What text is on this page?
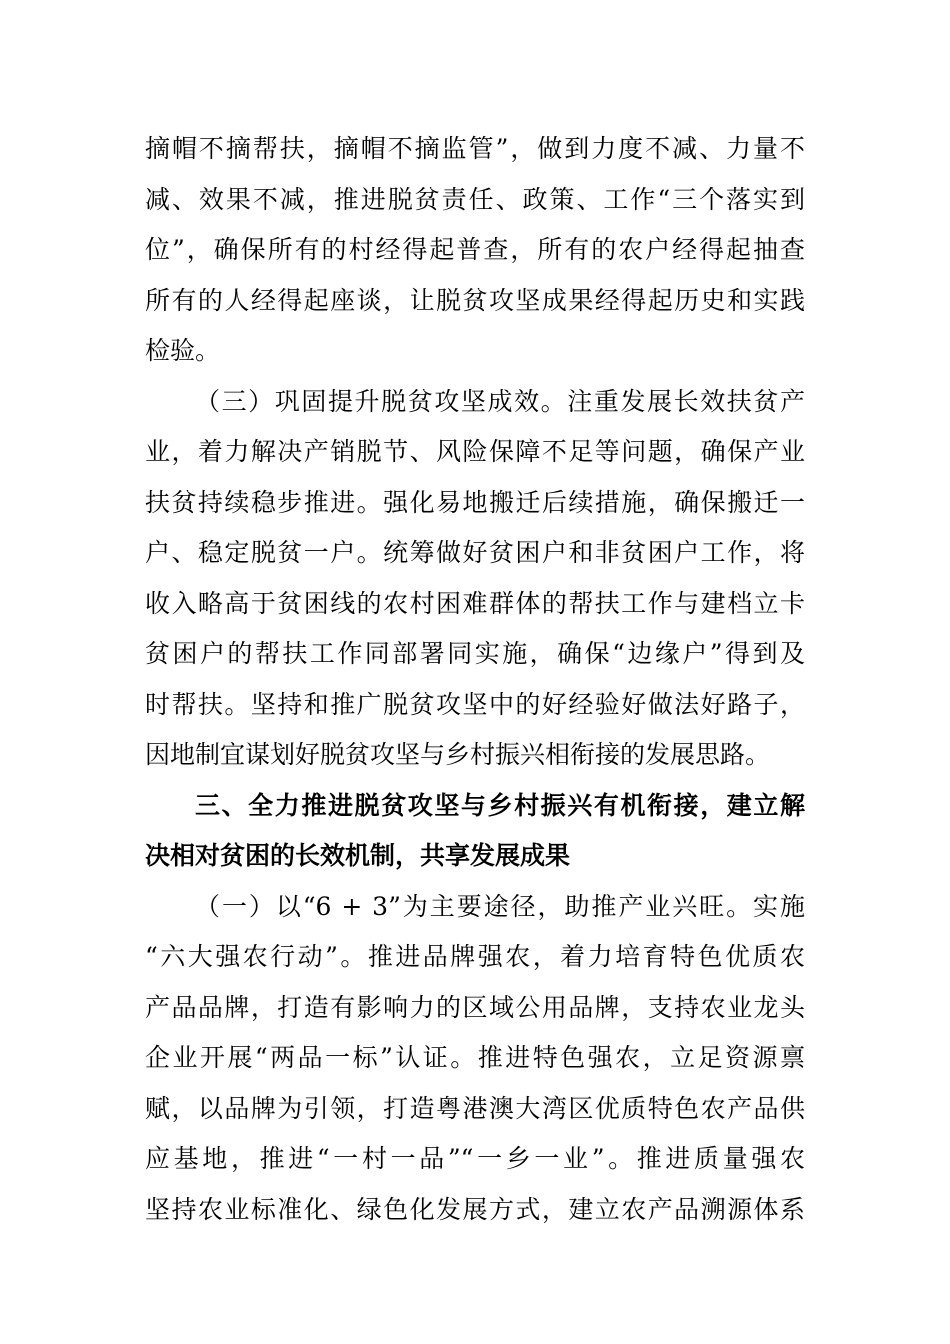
摘帽不摘帮扶，摘帽不摘监管”，做到力度不减、力量不
减、效果不减，推进脱贫责任、政策、工作“三个落实到
位”，确保所有的村经得起普查，所有的农户经得起抽查
所有的人经得起座谈，让脱贫攻坚成果经得起历史和实践
检验。
（三）巩固提升脱贫攻坚成效。注重发展长效扶贫产
业，着力解决产销脱节、风险保障不足等问题，确保产业
扶贫持续稳步推进。强化易地搬迁后续措施，确保搬迁一
户、稳定脱贫一户。统筹做好贫困户和非贫困户工作，将
收入略高于贫困线的农村困难群体的帮扶工作与建档立卡
贫困户的帮扶工作同部署同实施，确保“边缘户”得到及
时帮扶。坚持和推广脱贫攻坚中的好经验好做法好路子，
因地制宜谋划好脱贫攻坚与乡村振兴相衔接的发展思路。
三、全力推进脱贫攻坚与乡村振兴有机衔接，建立解
决相对贫困的长效机制，共享发展成果
（一）以“6 + 3”为主要途径，助推产业兴旺。实施
“六大强农行动”。推进品牌强农，着力培育特色优质农
产品品牌，打造有影响力的区域公用品牌，支持农业龙头
企业开展“两品一标”认证。推进特色强农，立足资源禀
赋，以品牌为引领，打造粤港澳大湾区优质特色农产品供
应基地，推进“一村一品”“一乡一业”。推进质量强农
坚持农业标准化、绿色化发展方式，建立农产品溯源体系
